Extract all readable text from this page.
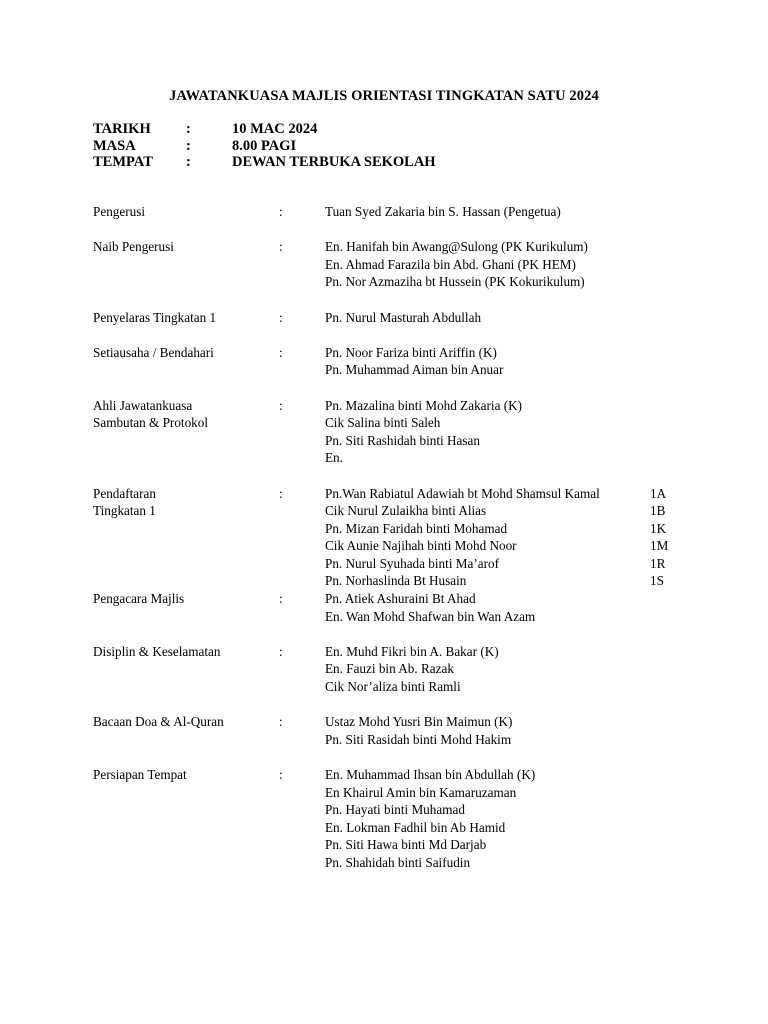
JAWATANKUASA MAJLIS ORIENTASI TINGKATAN SATU 2024
TARIKH :	10 MAC 2024
MASA	:	8.00 PAGI
TEMPAT :	DEWAN TERBUKA SEKOLAH
Pengerusi	:	Tuan Syed Zakaria bin S. Hassan (Pengetua)
Naib Pengerusi	:	En. Hanifah bin Awang@Sulong (PK Kurikulum)
En. Ahmad Farazila bin Abd. Ghani (PK HEM)
Pn. Nor Azmaziha bt Hussein (PK Kokurikulum)
Penyelaras Tingkatan 1	:	Pn. Nurul Masturah Abdullah
Setiausaha / Bendahari	:	Pn. Noor Fariza binti Ariffin (K)
Pn. Muhammad Aiman bin Anuar
Ahli Jawatankuasa
Sambutan & Protokol
:	Pn. Mazalina binti Mohd Zakaria (K)
Cik Salina binti Saleh
Pn. Siti Rashidah binti Hasan
En.
Pendaftaran
Tingkatan 1
:	Pn.Wan Rabiatul Adawiah bt Mohd Shamsul Kamal	1A
Cik Nurul Zulaikha binti Alias	1B
Pn. Mizan Faridah binti Mohamad	1K
Cik Aunie Najihah binti Mohd Noor	1M
Pn. Nurul Syuhada binti Ma’arof	1R
Pn. Norhaslinda Bt Husain	1S
Pengacara Majlis	:	Pn. Atiek Ashuraini Bt Ahad
En. Wan Mohd Shafwan bin Wan Azam
Disiplin & Keselamatan	:	En. Muhd Fikri bin A. Bakar (K)
En. Fauzi bin Ab. Razak
Cik Nor’aliza binti Ramli
Bacaan Doa & Al-Quran	:	Ustaz Mohd Yusri Bin Maimun (K)
Pn. Siti Rasidah binti Mohd Hakim
Persiapan Tempat	:	En. Muhammad Ihsan bin Abdullah (K)
En Khairul Amin bin Kamaruzaman
Pn. Hayati binti Muhamad
En. Lokman Fadhil bin Ab Hamid
Pn. Siti Hawa binti Md Darjab
Pn. Shahidah binti Saifudin
